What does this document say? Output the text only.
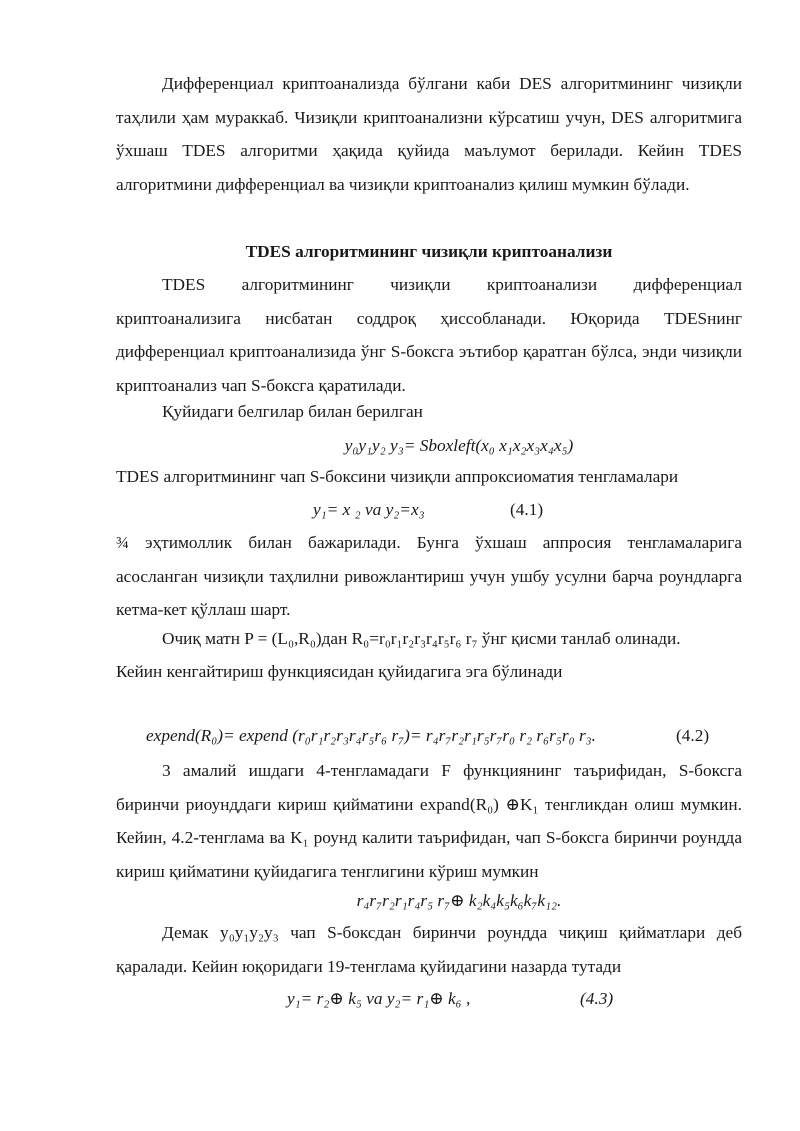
Дифференциал криптоанализда бўлгани каби DES алгоритмининг чизиқли таҳлили ҳам мураккаб. Чизиқли криптоанализни кўрсатиш учун, DES алгоритмига ўхшаш TDES алгоритми ҳақида қуйида маълумот берилади. Кейин TDES алгоритмини дифференциал ва чизиқли криптоанализ қилиш мумкин бўлади.

TDES алгоритмининг чизиқли криптоанализи

TDES алгоритмининг чизиқли криптоанализи дифференциал криптоанализига нисбатан соддроқ ҳиссобланади. Юқорида TDESнинг дифференциал криптоанализида ўнг S-боксга эътибор қаратган бўлса, энди чизиқли криптоанализ чап S-боксга қаратилади.

Қуйидаги белгилар билан берилган

y₀y₁y₂ y₃= Sboxleft(x₀ x₁x₂x₃x₄x₅)

TDES алгоритмининг чап S-боксини чизиқли аппроксиоматия тенгламалари

y₁= x ₂ va y₂=x₃	(4.1)

¾ эҳтимоллик билан бажарилади. Бунга ўхшаш аппросия тенгламаларига асосланган чизиқли таҳлилни ривожлантириш учун ушбу усулни барча роундларга кетма-кет қўллаш шарт.

Очиқ матн P = (L₀,R₀)дан R₀=r₀r₁r₂r₃r₄r₅r₆ r₇ ўнг қисми танлаб олинади.

Кейин кенгайтириш функциясидан қуйидагига эга бўлинади

expend(R₀)= expend (r₀r₁r₂r₃r₄r₅r₆ r₇)= r₄r₇r₂r₁r₅r₇r₀ r₂ r₆r₅r₀ r₃.	(4.2)

3 амалий ишдаги 4-тенгламадаги F функциянинг таърифидан, S-боксга биринчи риоунддаги кириш қийматини expand(R₀) ⊕K₁ тенгликдан олиш мумкин. Кейин, 4.2-тенглама ва K₁ роунд калити таърифидан, чап S-боксга биринчи роундда кириш қийматини қуйидагига тенглигини кўриш мумкин

r₄r₇r₂r₁r₄r₅ r₇⊕ k₂k₄k₅k₆k₇k₁₂.

Демак y₀y₁y₂y₃ чап S-боксдан биринчи роундда чиқиш қийматлари деб қаралади. Кейин юқоридаги 19-тенглама қуйидагини назарда тутади

y₁= r₂⊕ k₅ va y₂= r₁⊕ k₆ ,	(4.3)
